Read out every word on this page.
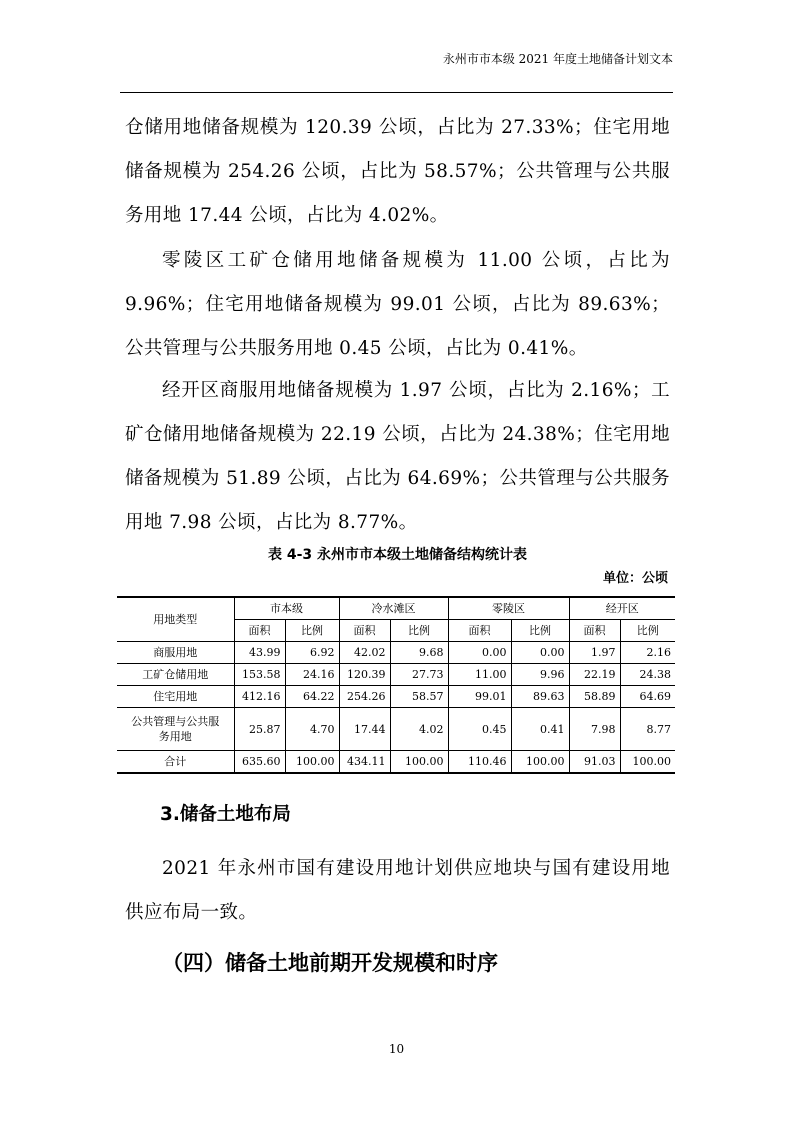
永州市市本级 2021 年度土地储备计划文本

仓储用地储备规模为 120.39 公顷，占比为 27.33%；住宅用地储备规模为 254.26 公顷，占比为 58.57%；公共管理与公共服务用地 17.44 公顷，占比为 4.02%。

零陵区工矿仓储用地储备规模为 11.00 公顷，占比为 9.96%；住宅用地储备规模为 99.01 公顷，占比为 89.63%；公共管理与公共服务用地 0.45 公顷，占比为 0.41%。

经开区商服用地储备规模为 1.97 公顷，占比为 2.16%；工矿仓储用地储备规模为 22.19 公顷，占比为 24.38%；住宅用地储备规模为 51.89 公顷，占比为 64.69%；公共管理与公共服务用地 7.98 公顷，占比为 8.77%。

表 4-3 永州市市本级土地储备结构统计表
单位：公顷
用地类型	市本级		冷水滩区		零陵区		经开区	
	面积	比例	面积	比例	面积	比例	面积	比例
商服用地	43.99	6.92	42.02	9.68	0.00	0.00	1.97	2.16
工矿仓储用地	153.58	24.16	120.39	27.73	11.00	9.96	22.19	24.38
住宅用地	412.16	64.22	254.26	58.57	99.01	89.63	58.89	64.69
公共管理与公共服务用地	25.87	4.70	17.44	4.02	0.45	0.41	7.98	8.77
合计	635.60	100.00	434.11	100.00	110.46	100.00	91.03	100.00
3.储备土地布局

2021 年永州市国有建设用地计划供应地块与国有建设用地供应布局一致。

（四）储备土地前期开发规模和时序
10
